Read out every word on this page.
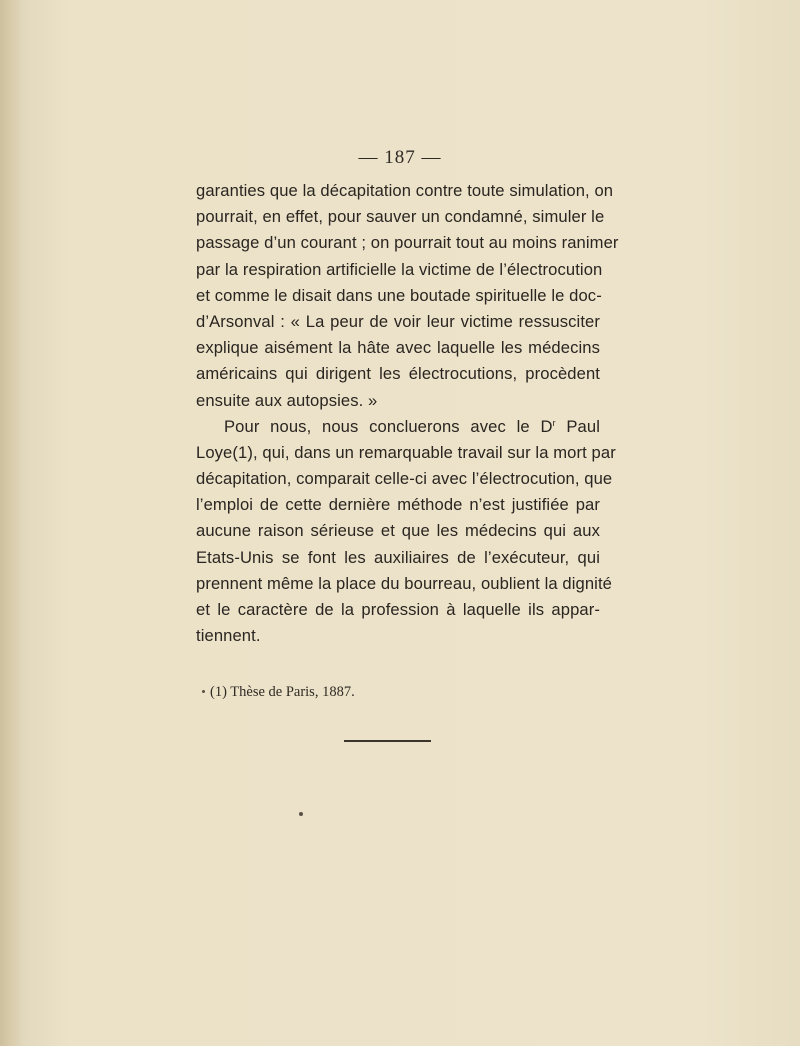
— 187 —
garanties que la décapitation contre toute simulation, on
pourrait, en effet, pour sauver un condamné, simuler le
passage d’un courant ; on pourrait tout au moins ranimer
par la respiration artificielle la victime de l’électrocution
et comme le disait dans une boutade spirituelle le doc-
d’Arsonval : « La peur de voir leur victime ressusciter
explique aisément la hâte avec laquelle les médecins
américains qui dirigent les électrocutions, procèdent
ensuite aux autopsies. »
Pour nous, nous concluerons avec le $D^r$ Paul
Loye(1), qui, dans un remarquable travail sur la mort par
décapitation, comparait celle-ci avec l’électrocution, que
l’emploi de cette dernière méthode n’est justifiée par
aucune raison sérieuse et que les médecins qui aux
Etats-Unis se font les auxiliaires de l’exécuteur, qui
prennent même la place du bourreau, oublient la dignité
et le caractère de la profession à laquelle ils appar-
tiennent.
(1) Thèse de Paris, 1887.
